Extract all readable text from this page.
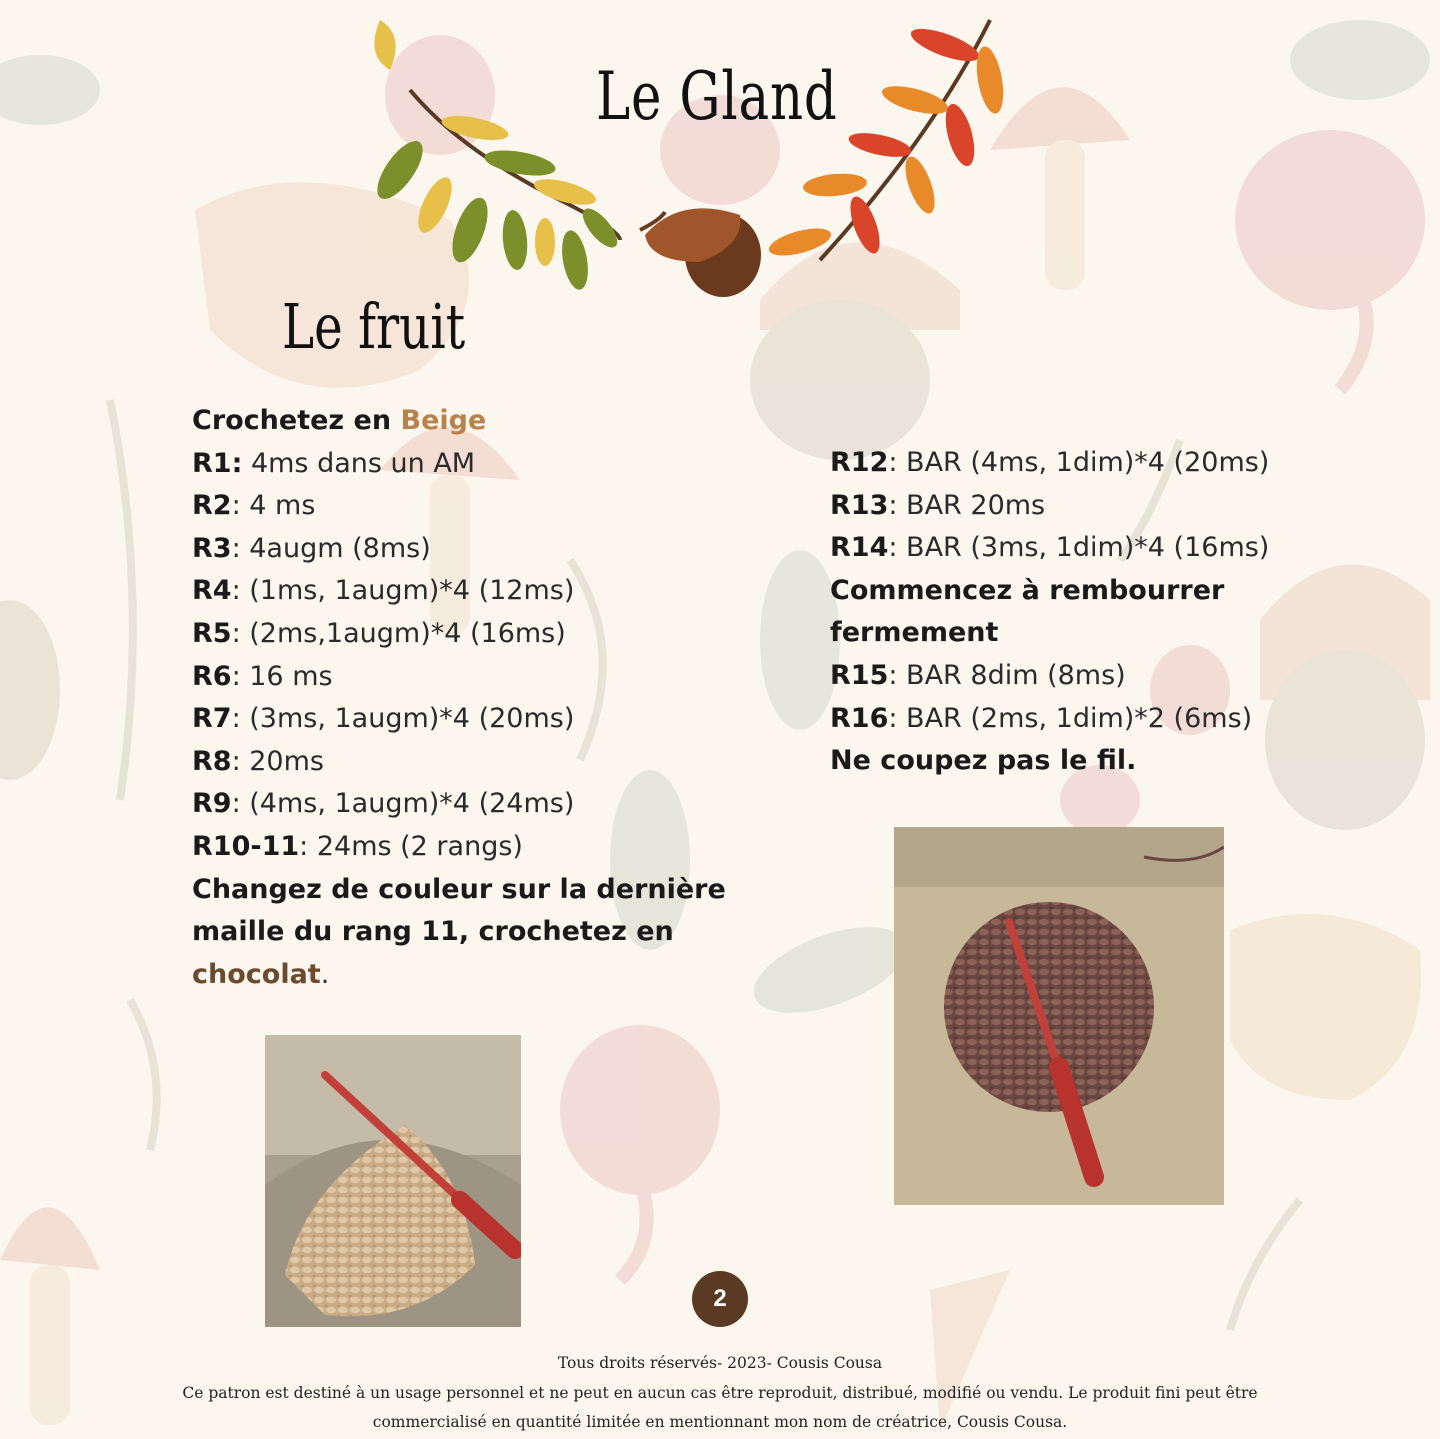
Le Gland
Le fruit
Crochetez en Beige
R1: 4ms dans un AM
R2: 4 ms
R3: 4augm (8ms)
R4: (1ms, 1augm)*4 (12ms)
R5: (2ms,1augm)*4 (16ms)
R6: 16 ms
R7: (3ms, 1augm)*4 (20ms)
R8: 20ms
R9: (4ms, 1augm)*4 (24ms)
R10-11: 24ms (2 rangs)
Changez de couleur sur la dernière
maille du rang 11, crochetez en
chocolat.
R12: BAR (4ms, 1dim)*4 (20ms)
R13: BAR 20ms
R14: BAR (3ms, 1dim)*4 (16ms)
Commencez à rembourrer
fermement
R15: BAR 8dim (8ms)
R16: BAR (2ms, 1dim)*2 (6ms)
Ne coupez pas le fil.
2
Tous droits réservés- 2023- Cousis Cousa
Ce patron est destiné à un usage personnel et ne peut en aucun cas être reproduit, distribué, modifié ou vendu. Le produit fini peut être
commercialisé en quantité limitée en mentionnant mon nom de créatrice, Cousis Cousa.
